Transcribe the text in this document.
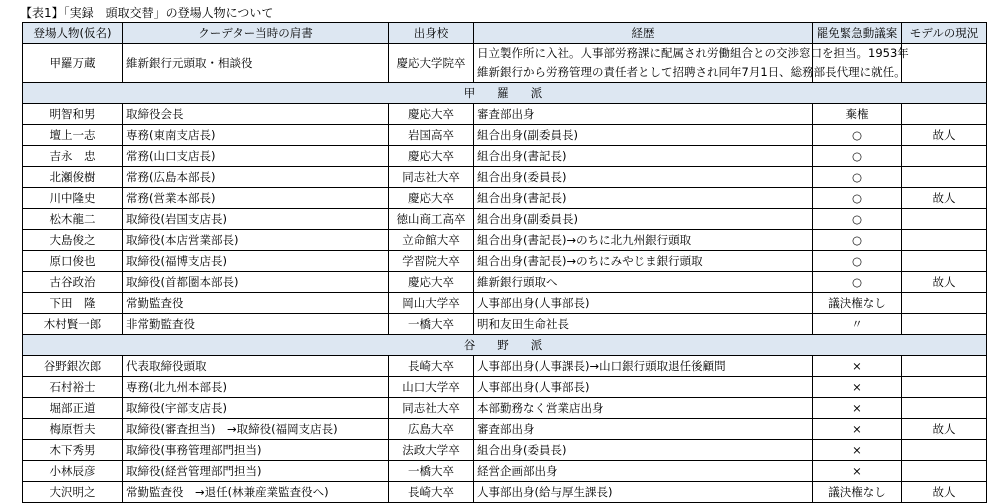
【表1】「実録　頭取交替」の登場人物について
登場人物(仮名)	クーデター当時の肩書	出身校	経歴	罷免緊急動議案	モデルの現況
甲羅万蔵	維新銀行元頭取・相談役	慶応大学院卒	日立製作所に入社。人事部労務課に配属され労働組合との交渉窓口を担当。1953年
維新銀行から労務管理の責任者として招聘され同年7月1日、総務部長代理に就任。		

甲羅派					
明智和男	取締役会長	慶応大卒	審査部出身	棄権	
壇上一志	専務(東南支店長)	岩国高卒	組合出身(副委員長)	○	故人
吉永　忠	常務(山口支店長)	慶応大卒	組合出身(書記長)	○	
北瀬俊樹	常務(広島本部長)	同志社大卒	組合出身(委員長)	○	
川中隆史	常務(営業本部長)	慶応大卒	組合出身(書記長)	○	故人
松木龍二	取締役(岩国支店長)	徳山商工高卒	組合出身(副委員長)	○	
大島俊之	取締役(本店営業部長)	立命館大卒	組合出身(書記長)→のちに北九州銀行頭取	○	
原口俊也	取締役(福博支店長)	学習院大卒	組合出身(書記長)→のちにみやじま銀行頭取	○	
古谷政治	取締役(首都圏本部長)	慶応大卒	維新銀行頭取へ	○	故人
下田　隆	常勤監査役	岡山大学卒	人事部出身(人事部長)	議決権なし	
木村賢一郎	非常勤監査役	一橋大卒	明和友田生命社長	〃	
谷野派					
谷野銀次郎	代表取締役頭取	長崎大卒	人事部出身(人事課長)→山口銀行頭取退任後顧問	×	
石村裕士	専務(北九州本部長)	山口大学卒	人事部出身(人事部長)	×	
堀部正道	取締役(宇部支店長)	同志社大卒	本部勤務なく営業店出身	×	
梅原哲夫	取締役(審査担当)　→取締役(福岡支店長)	広島大卒	審査部出身	×	故人
木下秀男	取締役(事務管理部門担当)	法政大学卒	組合出身(委員長)	×	
小林辰彦	取締役(経営管理部門担当)	一橋大卒	経営企画部出身	×	
大沢明之	常勤監査役　→退任(林兼産業監査役へ)	長崎大卒	人事部出身(給与厚生課長)	議決権なし	故人
